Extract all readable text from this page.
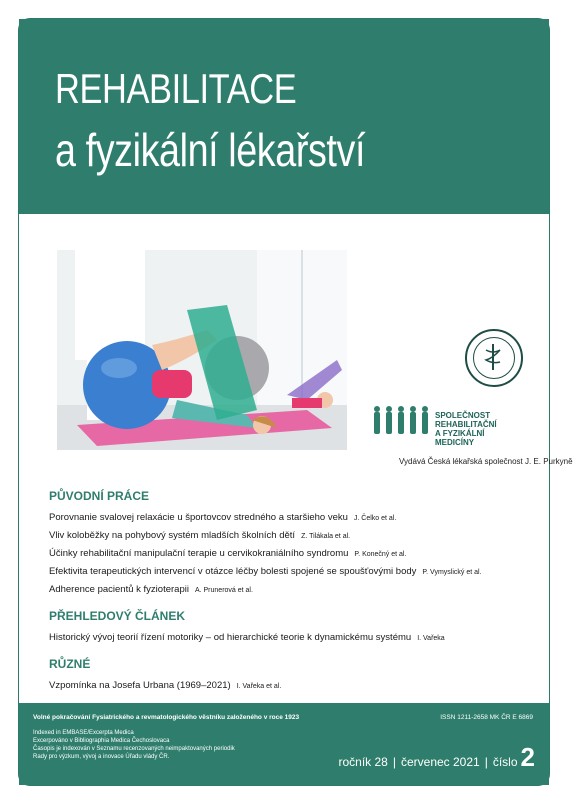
REHABILITACE
a fyzikální lékařství
SPOLEČNOST
REHABILITAČNÍ
A FYZIKÁLNÍ
MEDICÍNY
Vydává Česká lékařská společnost J. E. Purkyně
PŮVODNÍ PRÁCE
Porovnanie svalovej relaxácie u športovcov stredného a staršieho veku J. Čelko et al.
Vliv koloběžky na pohybový systém mladších školních dětí Z. Tilákala et al.
Účinky rehabilitační manipulační terapie u cervikokraniálního syndromu P. Konečný et al.
Efektivita terapeutických intervencí v otázce léčby bolesti spojené se spoušťovými body P. Vymyslický et al.
Adherence pacientů k fyzioterapii A. Prunerová et al.
PŘEHLEDOVÝ ČLÁNEK
Historický vývoj teorií řízení motoriky – od hierarchické teorie k dynamickému systému I. Vařeka
RŮZNÉ
Vzpomínka na Josefa Urbana (1969–2021) I. Vařeka et al.
Volné pokračování Fysiatrického a revmatologického věstníku založeného v roce 1923	ISSN 1211-2658 MK ČR E 6869
Indexed in EMBASE/Excerpta Medica
Excerpováno v Bibliographia Medica Čechoslovaca
Časopis je indexován v Seznamu recenzovaných neimpaktovaných periodik
Rady pro výzkum, vývoj a inovace Úřadu vlády ČR.	ročník 28 | červenec 2021 | číslo 2
